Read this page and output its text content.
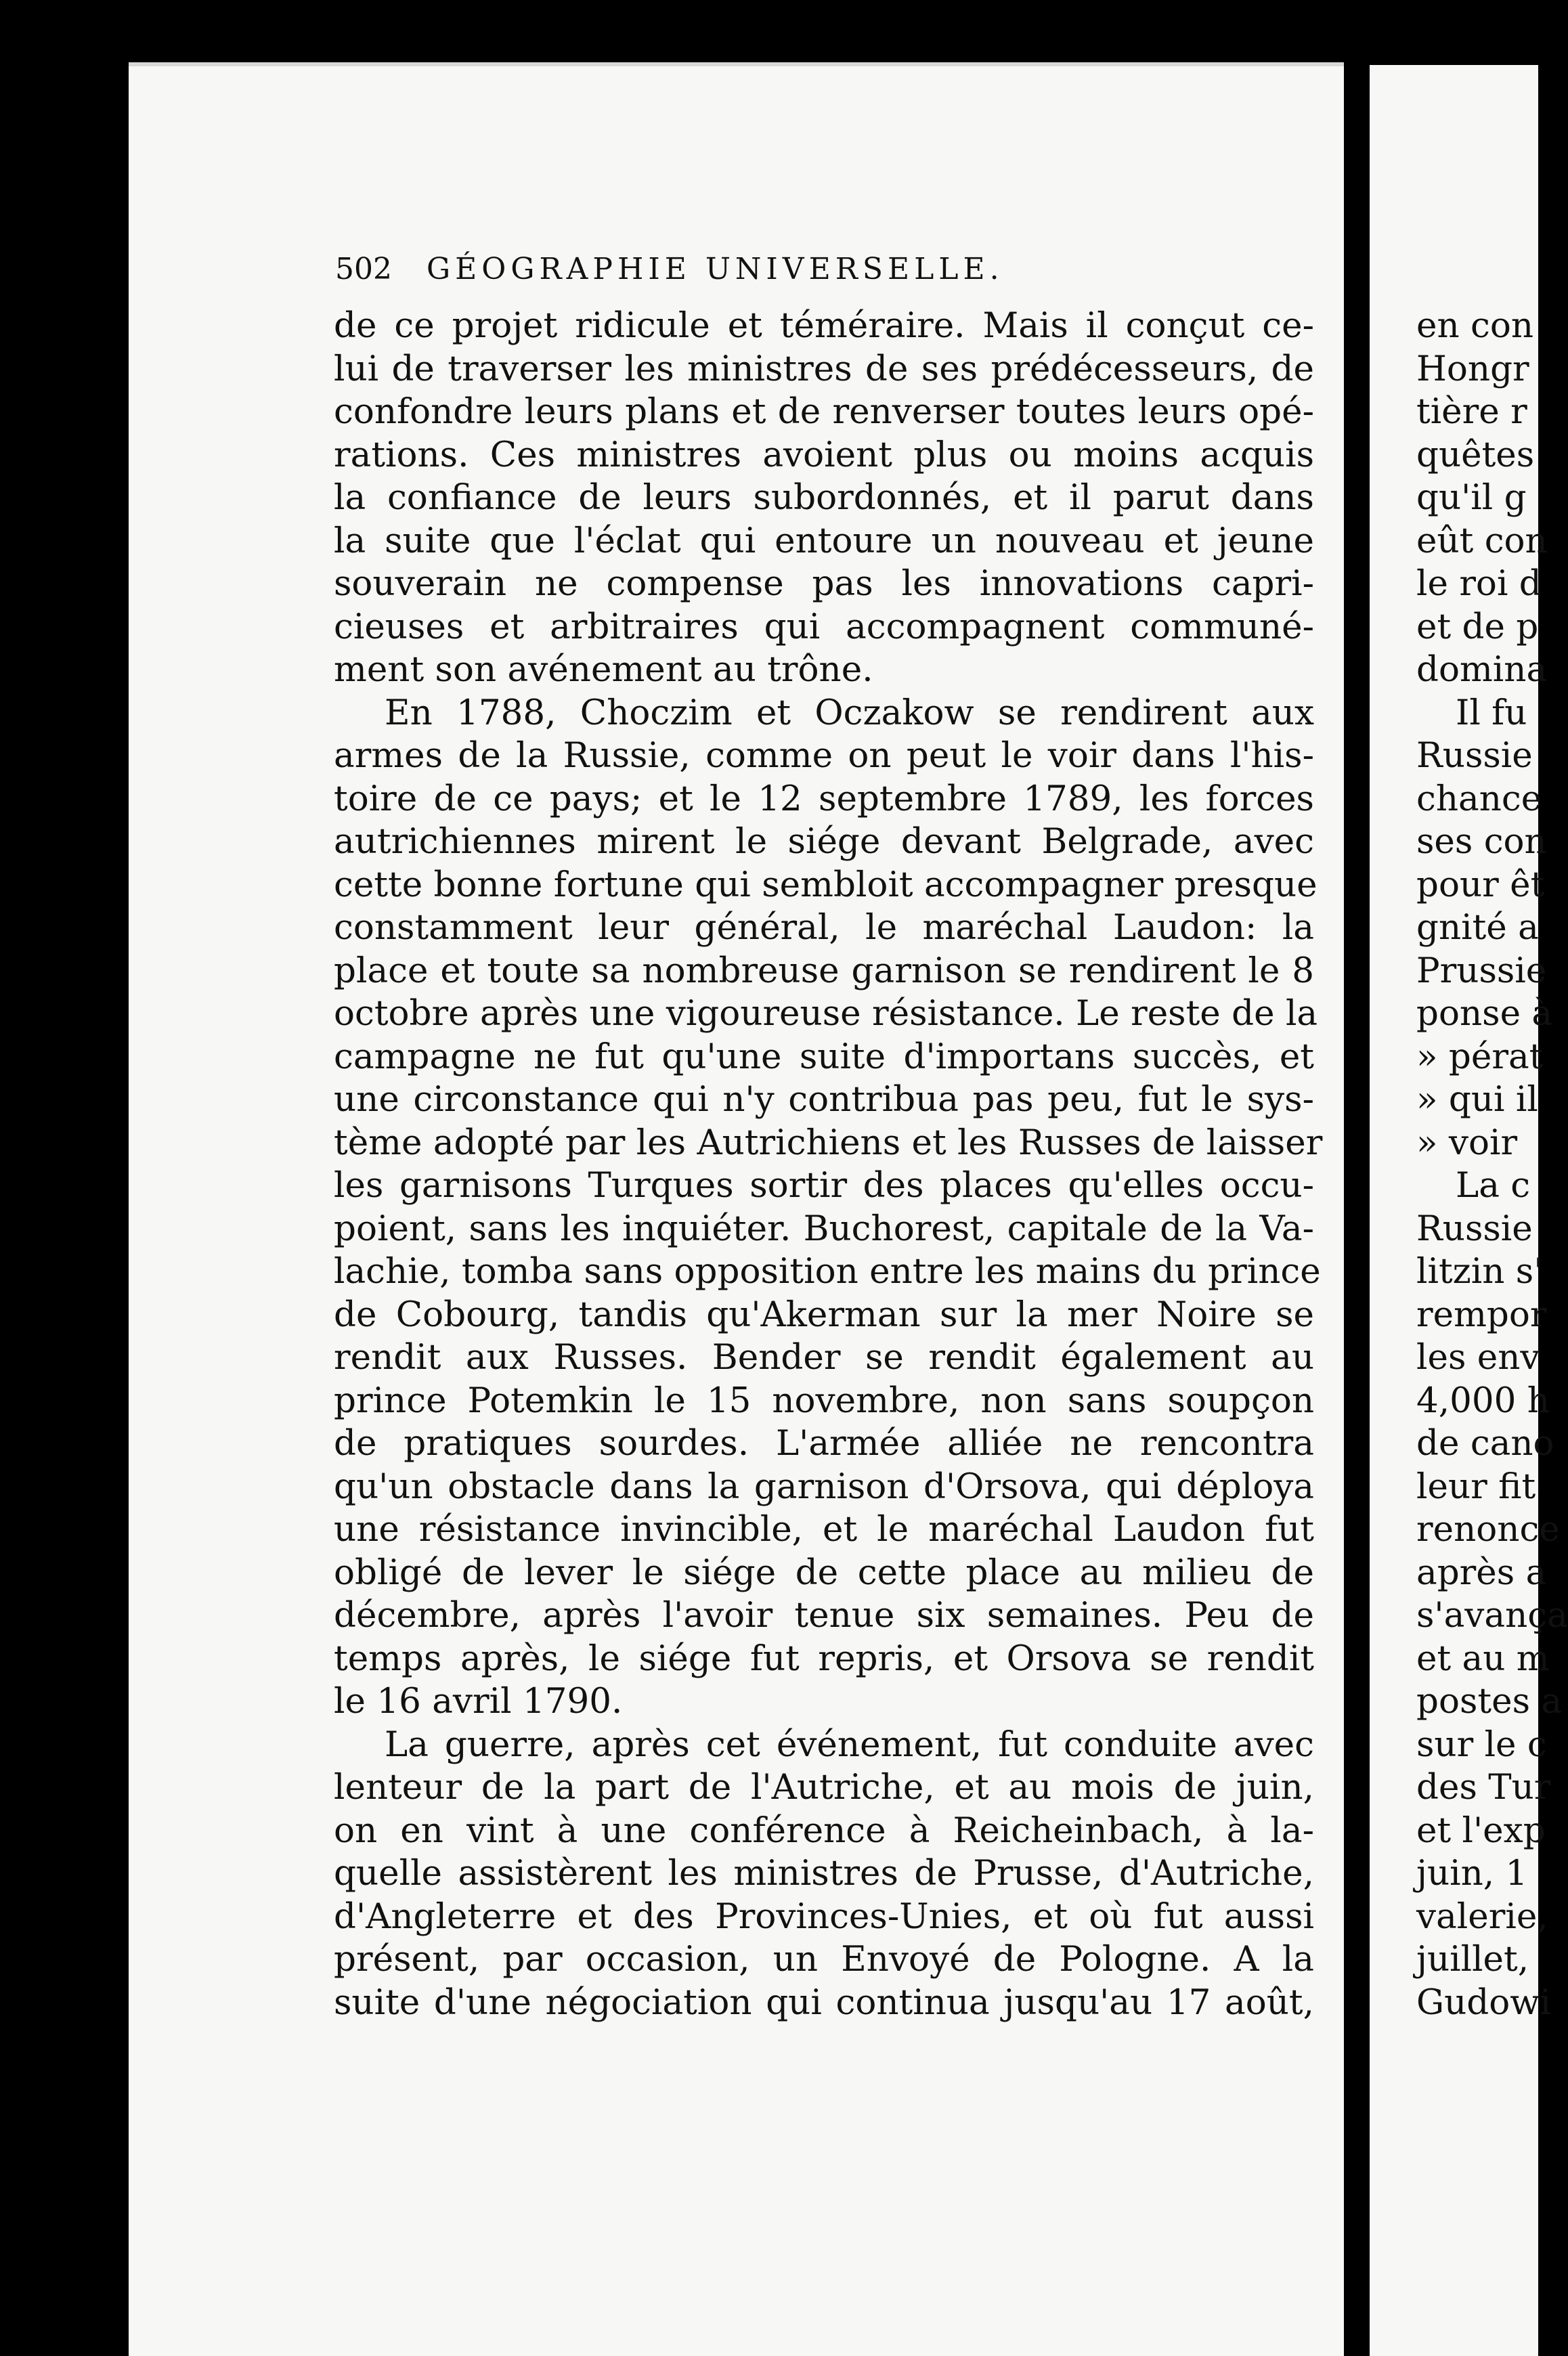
502 GÉOGRAPHIE UNIVERSELLE.
de ce projet ridicule et téméraire. Mais il conçut ce-
lui de traverser les ministres de ses prédécesseurs, de
confondre leurs plans et de renverser toutes leurs opé-
rations. Ces ministres avoient plus ou moins acquis
la confiance de leurs subordonnés, et il parut dans
la suite que l'éclat qui entoure un nouveau et jeune
souverain ne compense pas les innovations capri-
cieuses et arbitraires qui accompagnent communé-
ment son avénement au trône.
En 1788, Choczim et Oczakow se rendirent aux
armes de la Russie, comme on peut le voir dans l'his-
toire de ce pays; et le 12 septembre 1789, les forces
autrichiennes mirent le siége devant Belgrade, avec
cette bonne fortune qui sembloit accompagner presque
constamment leur général, le maréchal Laudon: la
place et toute sa nombreuse garnison se rendirent le 8
octobre après une vigoureuse résistance. Le reste de la
campagne ne fut qu'une suite d'importans succès, et
une circonstance qui n'y contribua pas peu, fut le sys-
tème adopté par les Autrichiens et les Russes de laisser
les garnisons Turques sortir des places qu'elles occu-
poient, sans les inquiéter. Buchorest, capitale de la Va-
lachie, tomba sans opposition entre les mains du prince
de Cobourg, tandis qu'Akerman sur la mer Noire se
rendit aux Russes. Bender se rendit également au
prince Potemkin le 15 novembre, non sans soupçon
de pratiques sourdes. L'armée alliée ne rencontra
qu'un obstacle dans la garnison d'Orsova, qui déploya
une résistance invincible, et le maréchal Laudon fut
obligé de lever le siége de cette place au milieu de
décembre, après l'avoir tenue six semaines. Peu de
temps après, le siége fut repris, et Orsova se rendit
le 16 avril 1790.
La guerre, après cet événement, fut conduite avec
lenteur de la part de l'Autriche, et au mois de juin,
on en vint à une conférence à Reicheinbach, à la-
quelle assistèrent les ministres de Prusse, d'Autriche,
d'Angleterre et des Provinces-Unies, et où fut aussi
présent, par occasion, un Envoyé de Pologne. A la
suite d'une négociation qui continua jusqu'au 17 août,
en con
Hongr
tière r
quêtes
qu'il g
eût con
le roi d
et de p
domina
Il fu
Russie
chance
ses con
pour êt
gnité a
Prussie
ponse à
» pérat
» qui il
» voir
La c
Russie
litzin s'
rempor
les env
4,000 h
de cano
leur fit
renonce
après a
s'avança
et au m
postes a
sur le c
des Tur
et l'exp
juin, 1
valerie,
juillet,
Gudowi
